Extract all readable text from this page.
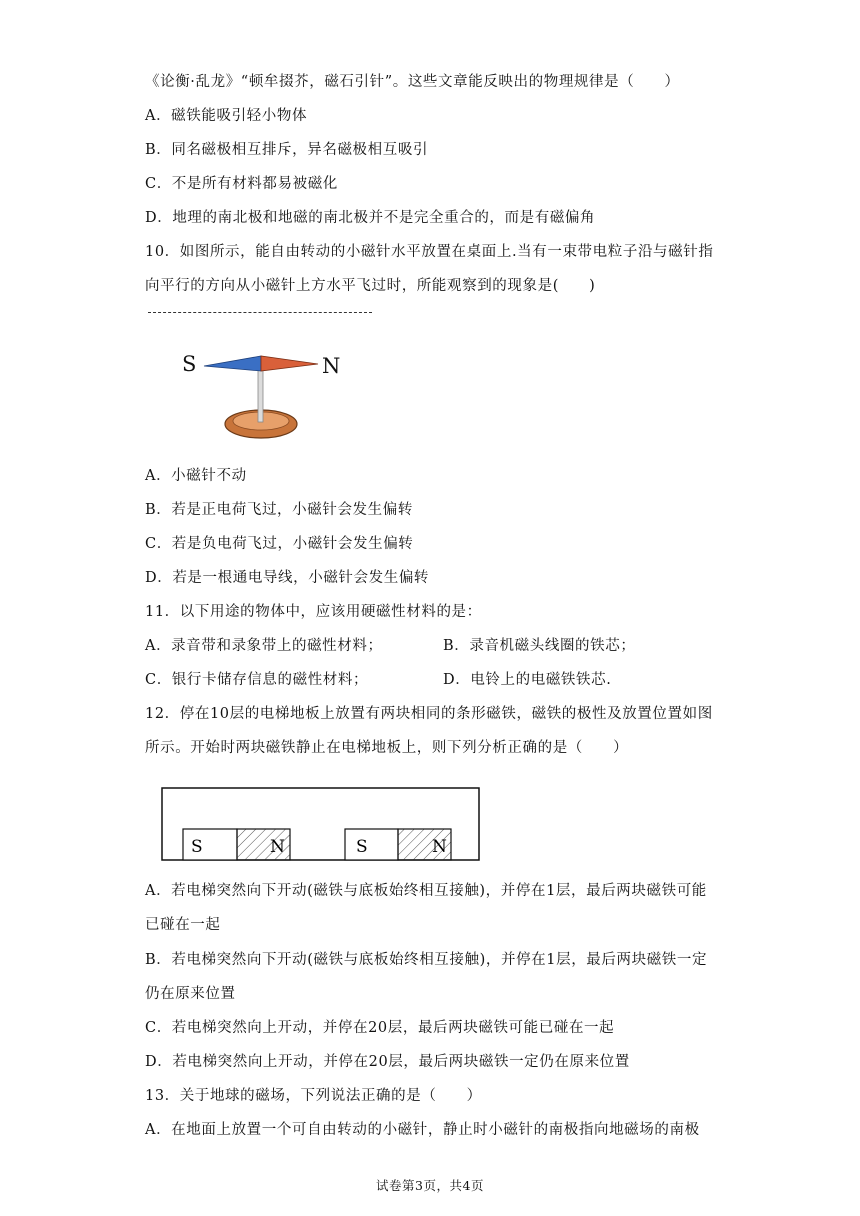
《论衡·乱龙》“顿牟掇芥，磁石引针”。这些文章能反映出的物理规律是（　　）
A．磁铁能吸引轻小物体
B．同名磁极相互排斥，异名磁极相互吸引
C．不是所有材料都易被磁化
D．地理的南北极和地磁的南北极并不是完全重合的，而是有磁偏角
10．如图所示，能自由转动的小磁针水平放置在桌面上.当有一束带电粒子沿与磁针指
向平行的方向从小磁针上方水平飞过时，所能观察到的现象是(　　)
S	N
A．小磁针不动
B．若是正电荷飞过，小磁针会发生偏转
C．若是负电荷飞过，小磁针会发生偏转
D．若是一根通电导线，小磁针会发生偏转
11．以下用途的物体中，应该用硬磁性材料的是：
A．录音带和录象带上的磁性材料；	B．录音机磁头线圈的铁芯；
C．银行卡储存信息的磁性材料；	D．电铃上的电磁铁铁芯.
12．停在10层的电梯地板上放置有两块相同的条形磁铁，磁铁的极性及放置位置如图
所示。开始时两块磁铁静止在电梯地板上，则下列分析正确的是（　　）
S	N	S	N
A．若电梯突然向下开动(磁铁与底板始终相互接触)，并停在1层，最后两块磁铁可能
已碰在一起
B．若电梯突然向下开动(磁铁与底板始终相互接触)，并停在1层，最后两块磁铁一定
仍在原来位置
C．若电梯突然向上开动，并停在20层，最后两块磁铁可能已碰在一起
D．若电梯突然向上开动，并停在20层，最后两块磁铁一定仍在原来位置
13．关于地球的磁场，下列说法正确的是（　　）
A．在地面上放置一个可自由转动的小磁针，静止时小磁针的南极指向地磁场的南极
试卷第3页，共4页
